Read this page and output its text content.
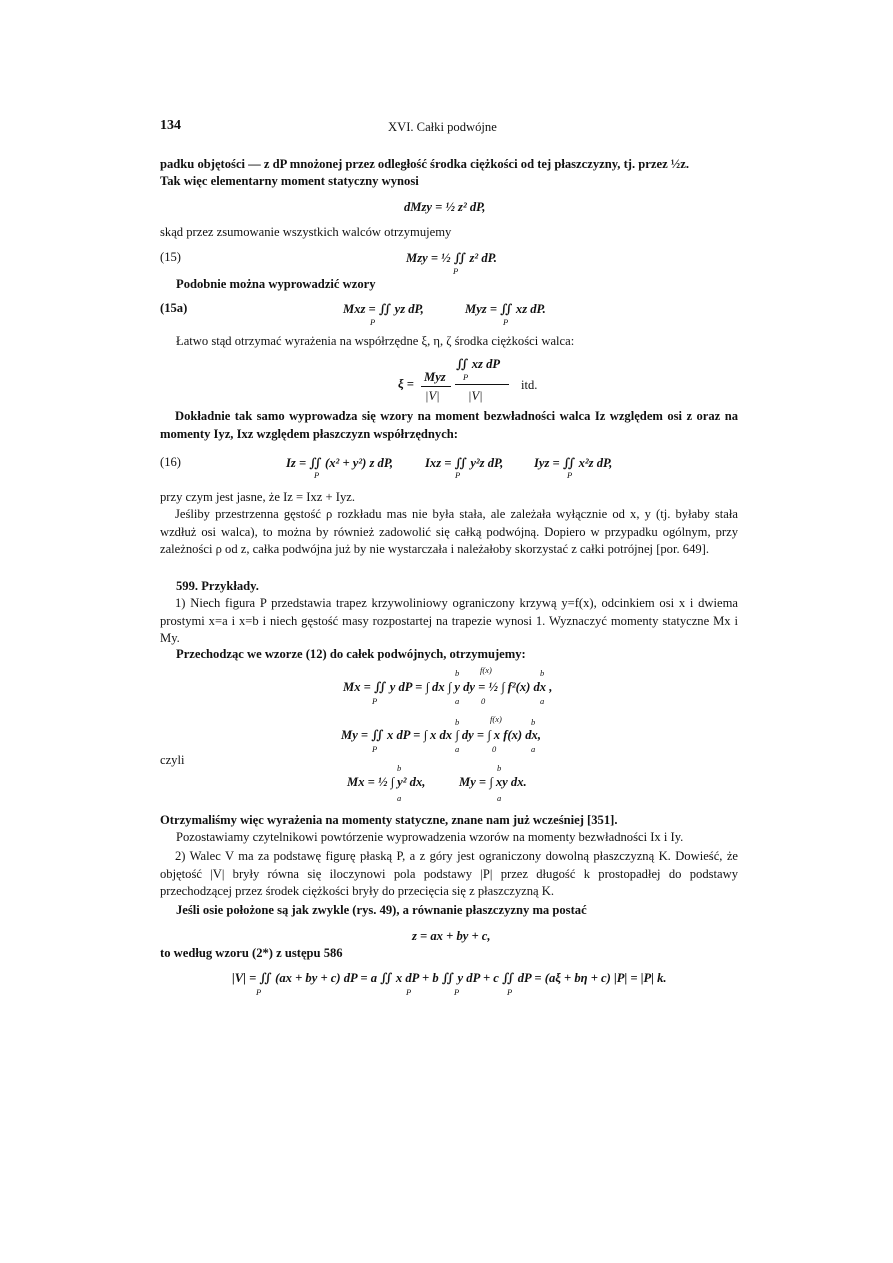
134	XVI. Całki podwójne
padku objętości — z dP mnożonej przez odległość środka ciężkości od tej płaszczyzny, tj. przez ½z.
Tak więc elementarny moment statyczny wynosi
dMzy = ½ z² dP,
skąd przez zsumowanie wszystkich walców otrzymujemy
(15)	Mzy = ½ ∬ z² dP.
P
Podobnie można wyprowadzić wzory
(15a)	Mxz = ∬ yz dP,	Myz = ∬ xz dP.
P	P
Łatwo stąd otrzymać wyrażenia na współrzędne ξ, η, ζ środka ciężkości walca:
∬ xz dP
ξ = Myz P
|V| |V|
itd.
Dokładnie tak samo wyprowadza się wzory na moment bezwładności walca Iz względem osi z oraz na momenty Iyz, Ixz względem płaszczyzn współrzędnych:
(16)	Iz = ∬ (x² + y²) z dP,	Ixz = ∬ y²z dP, Iyz = ∬ x²z dP,
P	P	P
przy czym jest jasne, że Iz = Ixz + Iyz.
Jeśliby przestrzenna gęstość ρ rozkładu mas nie była stała, ale zależała wyłącznie od x, y (tj. byłaby stała wzdłuż osi walca), to można by również zadowolić się całką podwójną. Dopiero w przypadku ogólnym, przy zależności ρ od z, całka podwójna już by nie wystarczała i należałoby skorzystać z całki potrójnej [por. 649].
599. Przykłady.
1) Niech figura P przedstawia trapez krzywoliniowy ograniczony krzywą y=f(x), odcinkiem osi x i dwiema prostymi x=a i x=b i niech gęstość masy rozpostartej na trapezie wynosi 1. Wyznaczyć momenty statyczne Mx i My.
Przechodząc we wzorze (12) do całek podwójnych, otrzymujemy:
b f(x)	b
Mx = ∬ y dP = ∫ dx ∫ y dy = ½ ∫ f²(x) dx ,
P	a	0	a
b	f(x)	b
My = ∬ x dP = ∫ x dx ∫ dy = ∫ x f(x) dx,
P	a	0	a
czyli
b	b
Mx = ½ ∫ y² dx,	My = ∫ xy dx.
a	a
Otrzymaliśmy więc wyrażenia na momenty statyczne, znane nam już wcześniej [351].
Pozostawiamy czytelnikowi powtórzenie wyprowadzenia wzorów na momenty bezwładności Ix i Iy.
2) Walec V ma za podstawę figurę płaską P, a z góry jest ograniczony dowolną płaszczyzną K. Dowieść, że objętość |V| bryły równa się iloczynowi pola podstawy |P| przez długość k prostopadłej do podstawy przechodzącej przez środek ciężkości bryły do przecięcia się z płaszczyzną K.
Jeśli osie położone są jak zwykle (rys. 49), a równanie płaszczyzny ma postać
z = ax + by + c,
to według wzoru (2*) z ustępu 586
|V| = ∬ (ax + by + c) dP = a ∬ x dP + b ∬ y dP + c ∬ dP = (aξ + bη + c) |P| = |P| k.
P	P	P	P
